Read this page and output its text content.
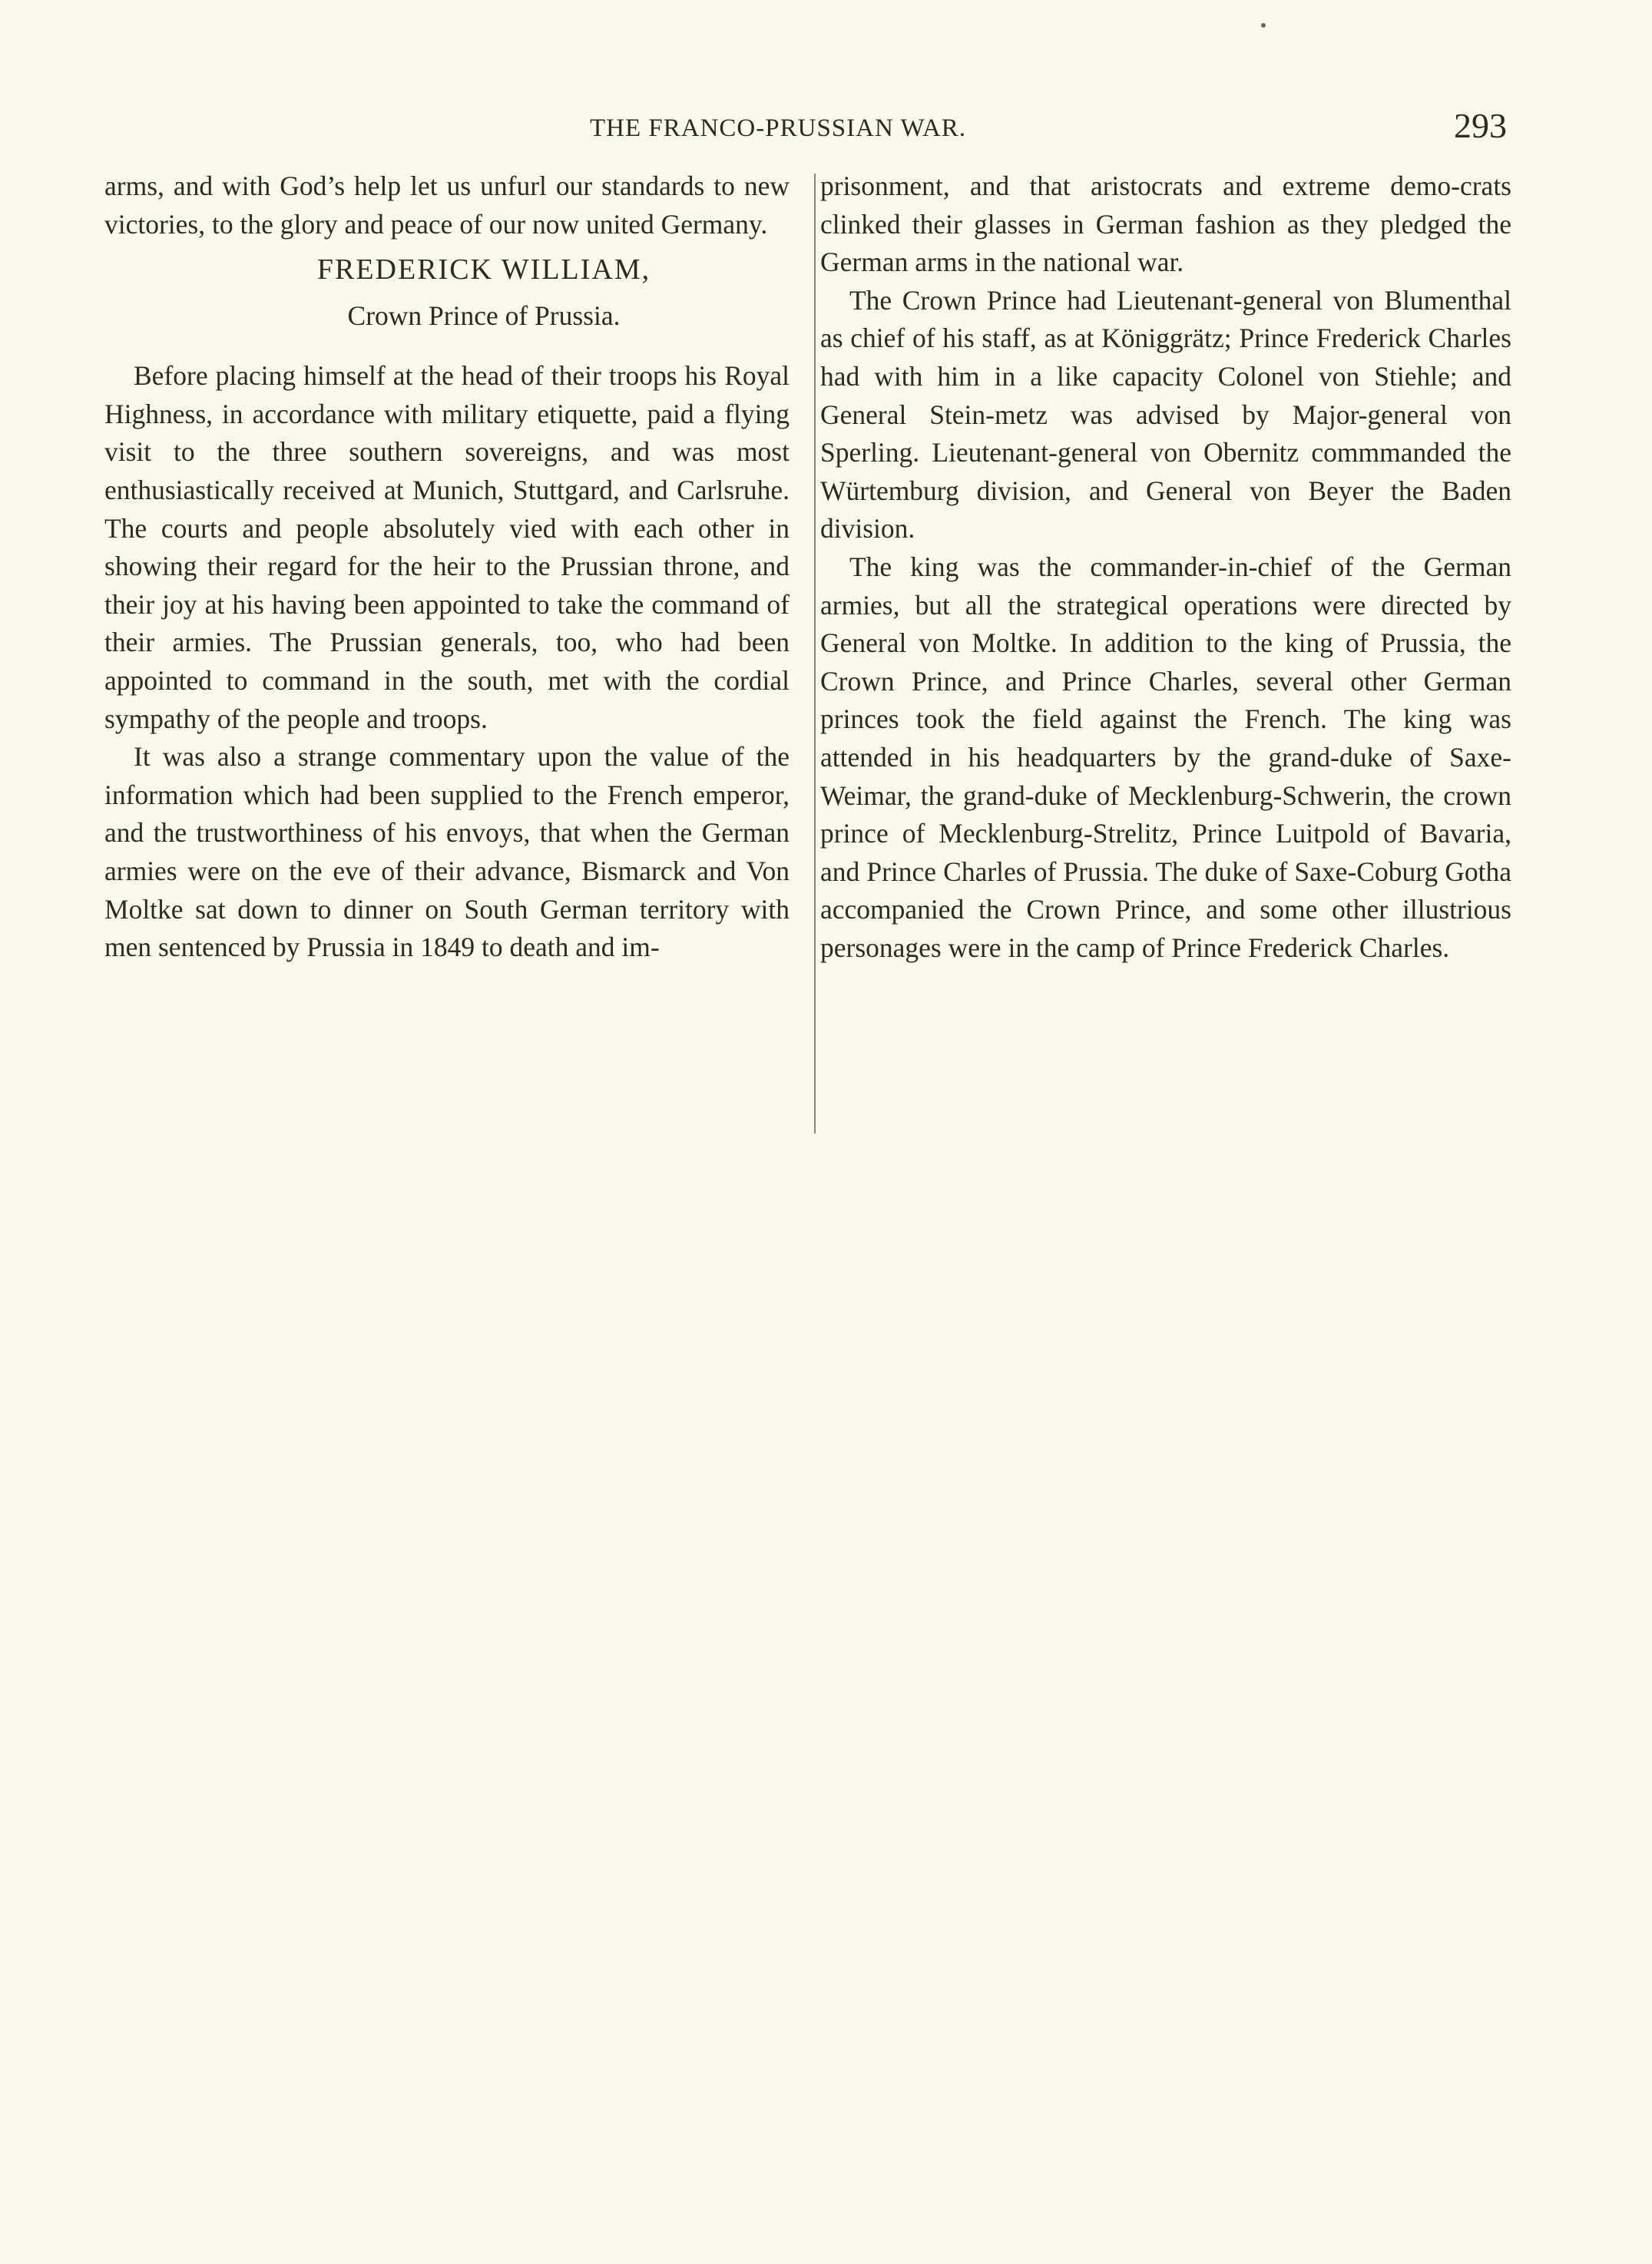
THE FRANCO-PRUSSIAN WAR.	293

arms, and with God’s help let us unfurl our standards to new victories, to the glory and peace of our now united Germany.

FREDERICK WILLIAM,
Crown Prince of Prussia.

Before placing himself at the head of their troops his Royal Highness, in accordance with military etiquette, paid a flying visit to the three southern sovereigns, and was most enthusiastically received at Munich, Stuttgard, and Carlsruhe. The courts and people absolutely vied with each other in showing their regard for the heir to the Prussian throne, and their joy at his having been appointed to take the command of their armies. The Prussian generals, too, who had been appointed to command in the south, met with the cordial sympathy of the people and troops.

It was also a strange commentary upon the value of the information which had been supplied to the French emperor, and the trustworthiness of his envoys, that when the German armies were on the eve of their advance, Bismarck and Von Moltke sat down to dinner on South German territory with men sentenced by Prussia in 1849 to death and im-

prisonment, and that aristocrats and extreme demo-crats clinked their glasses in German fashion as they pledged the German arms in the national war.

The Crown Prince had Lieutenant-general von Blumenthal as chief of his staff, as at Königgrätz; Prince Frederick Charles had with him in a like capacity Colonel von Stiehle; and General Stein-metz was advised by Major-general von Sperling. Lieutenant-general von Obernitz commmanded the Würtemburg division, and General von Beyer the Baden division.

The king was the commander-in-chief of the German armies, but all the strategical operations were directed by General von Moltke. In addition to the king of Prussia, the Crown Prince, and Prince Charles, several other German princes took the field against the French. The king was attended in his headquarters by the grand-duke of Saxe-Weimar, the grand-duke of Mecklenburg-Schwerin, the crown prince of Mecklenburg-Strelitz, Prince Luitpold of Bavaria, and Prince Charles of Prussia. The duke of Saxe-Coburg Gotha accompanied the Crown Prince, and some other illustrious personages were in the camp of Prince Frederick Charles.
